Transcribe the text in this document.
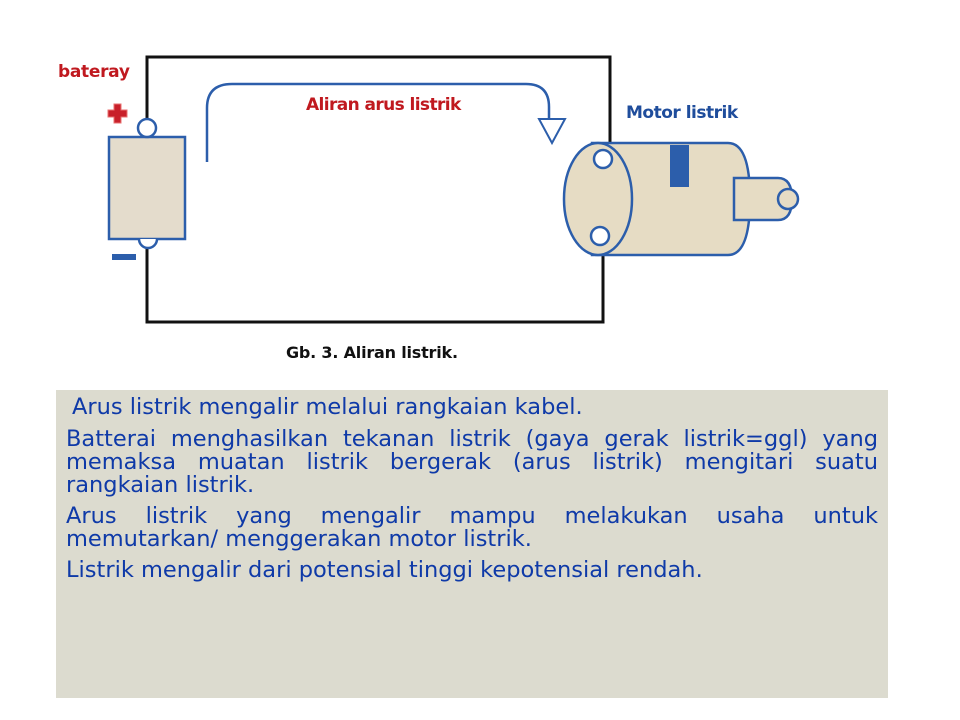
bateray
Aliran arus listrik	Motor listrik
Gb. 3. Aliran listrik.

Arus listrik mengalir melalui rangkaian kabel.

Batterai menghasilkan tekanan listrik (gaya gerak listrik=ggl) yang memaksa muatan listrik bergerak (arus listrik) mengitari suatu rangkaian listrik.

Arus listrik yang mengalir mampu melakukan usaha untuk memutarkan/ menggerakan motor listrik.

Listrik mengalir dari potensial tinggi kepotensial rendah.
